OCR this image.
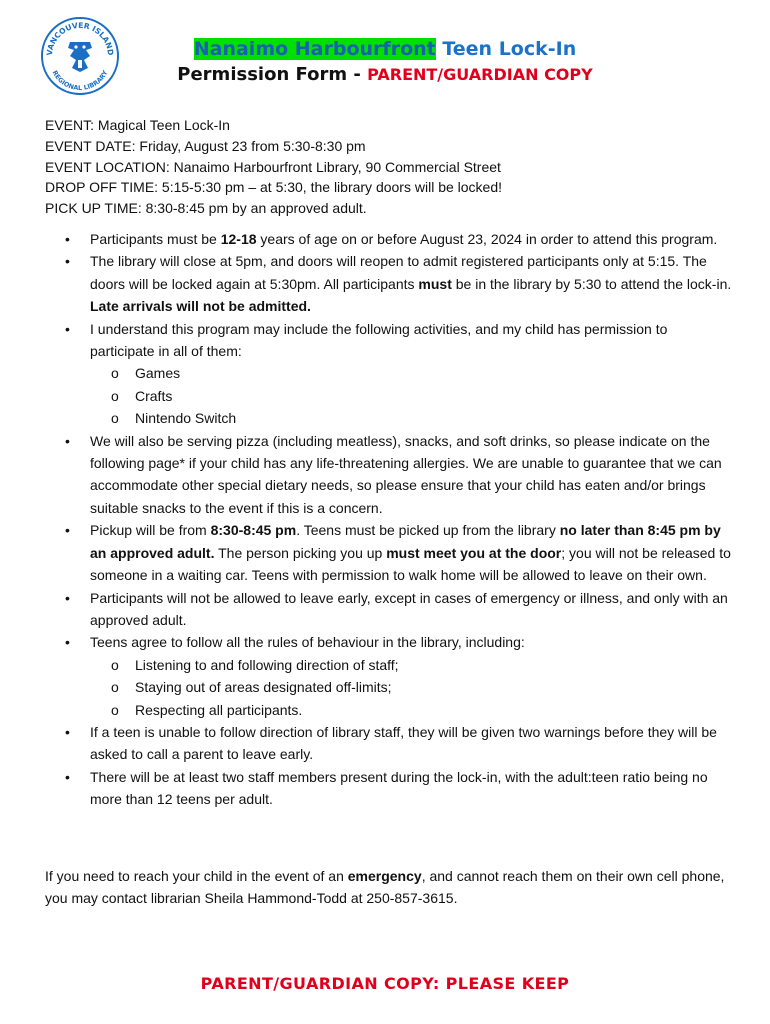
VANCOUVER ISLAND
REGIONAL LIBRARY
Nanaimo Harbourfront Teen Lock-In
Permission Form - PARENT/GUARDIAN COPY
EVENT: Magical Teen Lock-In
EVENT DATE: Friday, August 23 from 5:30-8:30 pm
EVENT LOCATION: Nanaimo Harbourfront Library, 90 Commercial Street
DROP OFF TIME: 5:15-5:30 pm – at 5:30, the library doors will be locked!
PICK UP TIME: 8:30-8:45 pm by an approved adult.
• Participants must be 12-18 years of age on or before August 23, 2024 in order to attend this program.
• The library will close at 5pm, and doors will reopen to admit registered participants only at 5:15. The doors will be locked again at 5:30pm. All participants must be in the library by 5:30 to attend the lock-in. Late arrivals will not be admitted.
• I understand this program may include the following activities, and my child has permission to participate in all of them:
o Games
o Crafts
o Nintendo Switch
• We will also be serving pizza (including meatless), snacks, and soft drinks, so please indicate on the following page* if your child has any life-threatening allergies. We are unable to guarantee that we can accommodate other special dietary needs, so please ensure that your child has eaten and/or brings suitable snacks to the event if this is a concern.
• Pickup will be from 8:30-8:45 pm. Teens must be picked up from the library no later than 8:45 pm by an approved adult. The person picking you up must meet you at the door; you will not be released to someone in a waiting car. Teens with permission to walk home will be allowed to leave on their own.
• Participants will not be allowed to leave early, except in cases of emergency or illness, and only with an approved adult.
• Teens agree to follow all the rules of behaviour in the library, including:
o Listening to and following direction of staff;
o Staying out of areas designated off-limits;
o Respecting all participants.
• If a teen is unable to follow direction of library staff, they will be given two warnings before they will be asked to call a parent to leave early.
• There will be at least two staff members present during the lock-in, with the adult:teen ratio being no more than 12 teens per adult.
If you need to reach your child in the event of an emergency, and cannot reach them on their own cell phone, you may contact librarian Sheila Hammond-Todd at 250-857-3615.
PARENT/GUARDIAN COPY: PLEASE KEEP
